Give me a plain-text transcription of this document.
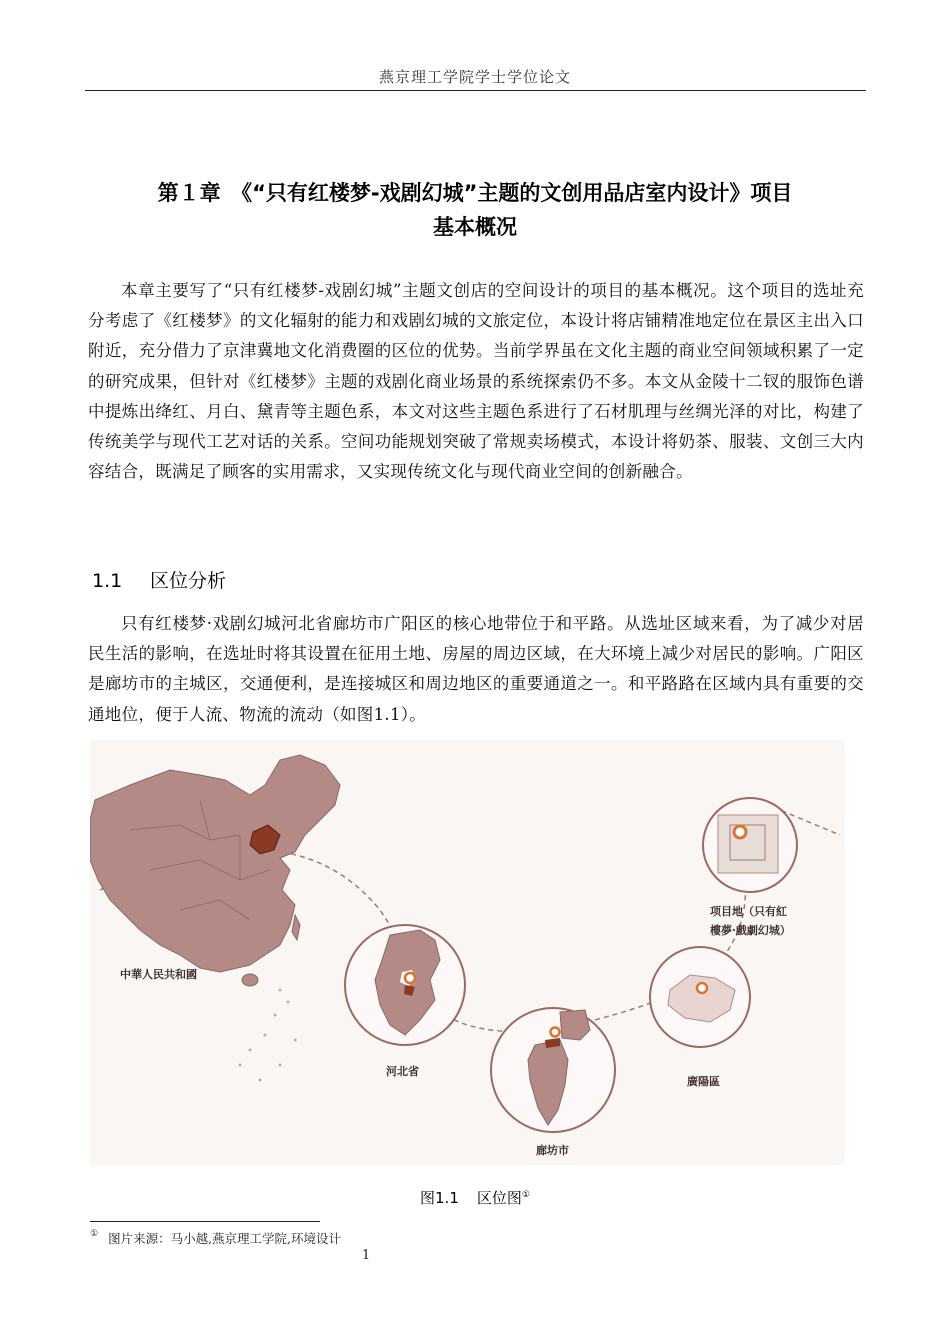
燕京理工学院学士学位论文
第１章　《“只有红楼梦-戏剧幻城”主题的文创用品店室内设计》项目
基本概况

本章主要写了“只有红楼梦-戏剧幻城”主题文创店的空间设计的项目的基本概况。这个项目的选址充分考虑了《红楼梦》的文化辐射的能力和戏剧幻城的文旅定位，本设计将店铺精准地定位在景区主出入口附近，充分借力了京津冀地文化消费圈的区位的优势。当前学界虽在文化主题的商业空间领域积累了一定的研究成果，但针对《红楼梦》主题的戏剧化商业场景的系统探索仍不多。本文从金陵十二钗的服饰色谱中提炼出绛红、月白、黛青等主题色系，本文对这些主题色系进行了石材肌理与丝绸光泽的对比，构建了传统美学与现代工艺对话的关系。空间功能规划突破了常规卖场模式，本设计将奶茶、服装、文创三大内容结合，既满足了顾客的实用需求，又实现传统文化与现代商业空间的创新融合。

1.1 区位分析

只有红楼梦·戏剧幻城河北省廊坊市广阳区的核心地带位于和平路。从选址区域来看，为了减少对居民生活的影响，在选址时将其设置在征用土地、房屋的周边区域，在大环境上减少对居民的影响。广阳区是廊坊市的主城区，交通便利，是连接城区和周边地区的重要通道之一。和平路路在区域内具有重要的交通地位，便于人流、物流的流动（如图1.1）。

中華人民共和國
河北省
廊坊市
廣陽區
项目地（只有紅
樓夢·戲劇幻城）
图1.1 区位图①
① 图片来源：马小越,燕京理工学院,环境设计
1
